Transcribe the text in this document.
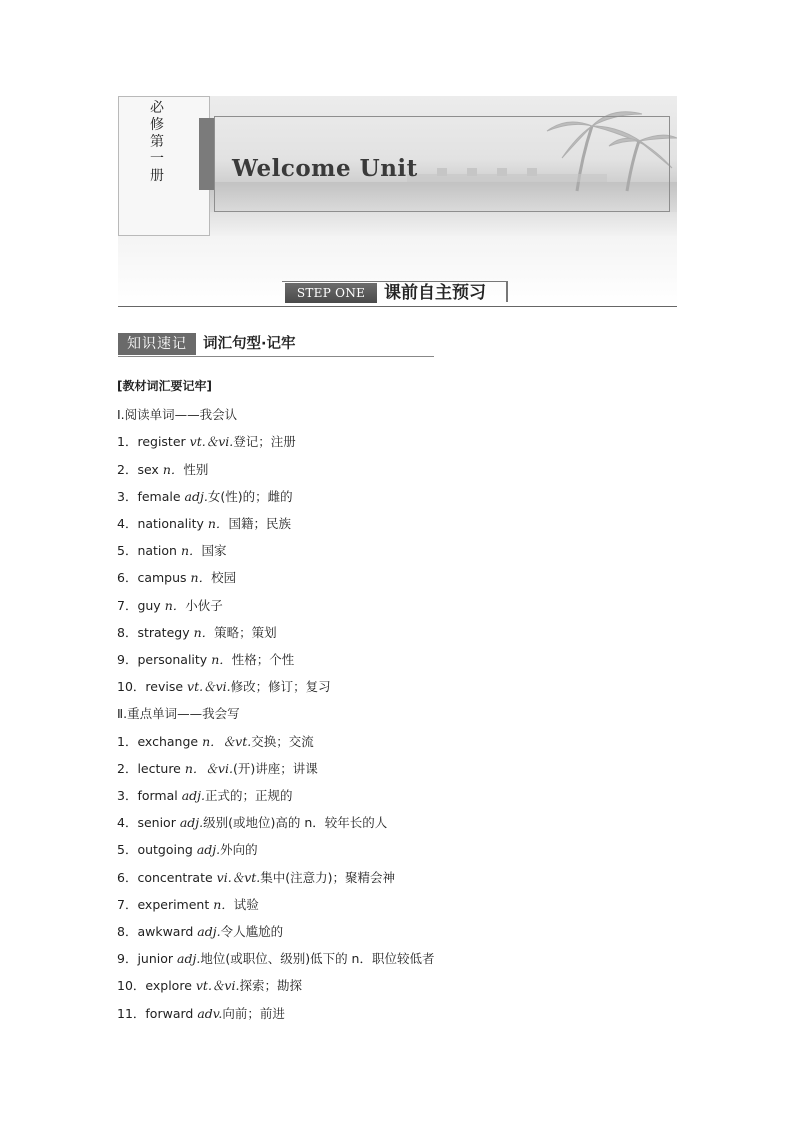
必修第一册	Welcome Unit
STEP ONE	课前自主预习
知识速记	词汇句型·记牢
[教材词汇要记牢]
Ⅰ.阅读单词——我会认
1．register vt.＆vi.登记；注册
2．sex n．性别
3．female adj.女(性)的；雌的
4．nationality n．国籍；民族
5．nation n．国家
6．campus n．校园
7．guy n．小伙子
8．strategy n．策略；策划
9．personality n．性格；个性
10．revise vt.＆vi.修改；修订；复习
Ⅱ.重点单词——我会写
1．exchange n．＆vt.交换；交流
2．lecture n．＆vi.(开)讲座；讲课
3．formal adj.正式的；正规的
4．senior adj.级别(或地位)高的 n．较年长的人
5．outgoing adj.外向的
6．concentrate vi.＆vt.集中(注意力)；聚精会神
7．experiment n．试验
8．awkward adj.令人尴尬的
9．junior adj.地位(或职位、级别)低下的 n．职位较低者
10．explore vt.＆vi.探索；勘探
11．forward adv.向前；前进
